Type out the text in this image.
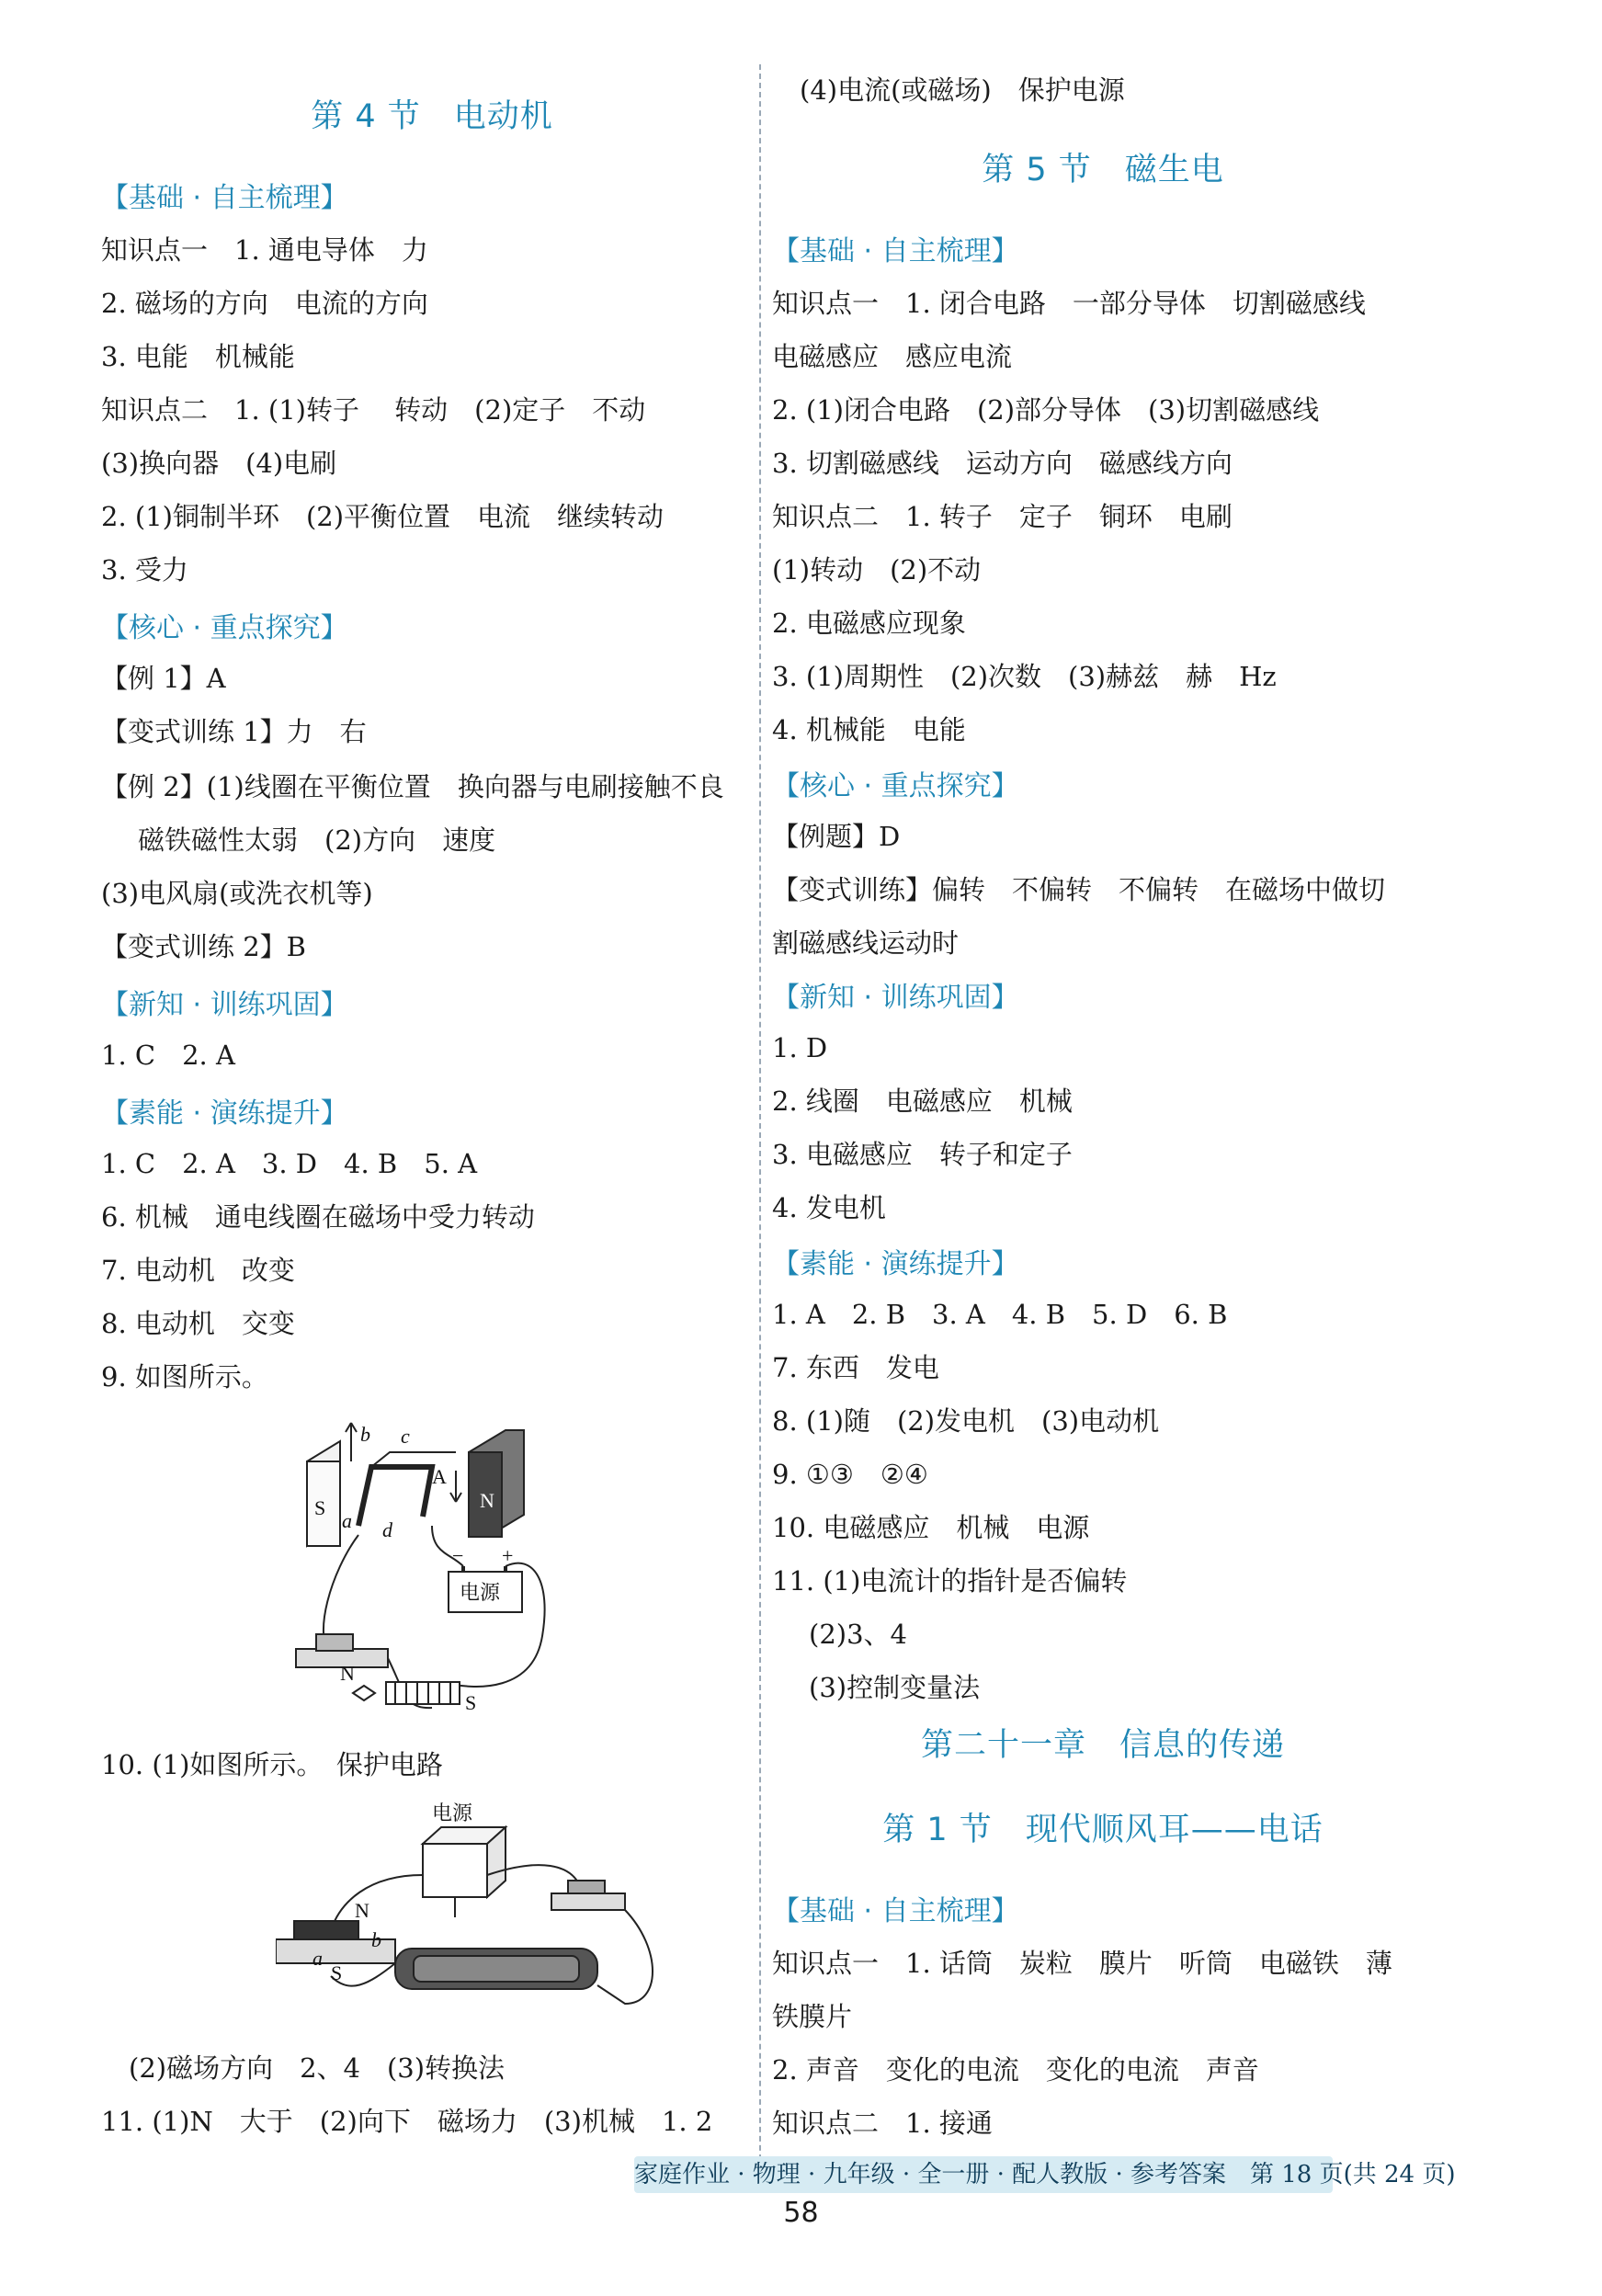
第 4 节　电动机
【基础 · 自主梳理】
知识点一　1. 通电导体　力
2. 磁场的方向　电流的方向
3. 电能　机械能
知识点二　1. (1)转子　 转动　(2)定子　不动
(3)换向器　(4)电刷
2. (1)铜制半环　(2)平衡位置　电流　继续转动
3. 受力
【核心 · 重点探究】
【例 1】A
【变式训练 1】力　右
【例 2】(1)线圈在平衡位置　换向器与电刷接触不良
磁铁磁性太弱　(2)方向　速度
(3)电风扇(或洗衣机等)
【变式训练 2】B
【新知 · 训练巩固】
1. C　2. A
【素能 · 演练提升】
1. C　2. A　3. D　4. B　5. A
6. 机械　通电线圈在磁场中受力转动
7. 电动机　改变
8. 电动机　交变
9. 如图所示。
S	N
b c
a d
A
− +
电源
N
S
10. (1)如图所示。　保护电路
电源
N
S
b
a
(2)磁场方向　2、4　(3)转换法
11. (1)N　大于　(2)向下　磁场力　(3)机械　1. 2
(4)电流(或磁场)　保护电源
第 5 节　磁生电
【基础 · 自主梳理】
知识点一　1. 闭合电路　一部分导体　切割磁感线
电磁感应　感应电流
2. (1)闭合电路　(2)部分导体　(3)切割磁感线
3. 切割磁感线　运动方向　磁感线方向
知识点二　1. 转子　定子　铜环　电刷
(1)转动　(2)不动
2. 电磁感应现象
3. (1)周期性　(2)次数　(3)赫兹　赫　Hz
4. 机械能　电能
【核心 · 重点探究】
【例题】D
【变式训练】偏转　不偏转　不偏转　在磁场中做切
割磁感线运动时
【新知 · 训练巩固】
1. D
2. 线圈　电磁感应　机械
3. 电磁感应　转子和定子
4. 发电机
【素能 · 演练提升】
1. A　2. B　3. A　4. B　5. D　6. B
7. 东西　发电
8. (1)随　(2)发电机　(3)电动机
9. ①③　②④
10. 电磁感应　机械　电源
11. (1)电流计的指针是否偏转
(2)3、4
(3)控制变量法
第二十一章　信息的传递
第 1 节　现代顺风耳——电话
【基础 · 自主梳理】
知识点一　1. 话筒　炭粒　膜片　听筒　电磁铁　薄
铁膜片
2. 声音　变化的电流　变化的电流　声音
知识点二　1. 接通
家庭作业 · 物理 · 九年级 · 全一册 · 配人教版 · 参考答案　第 18 页(共 24 页)
58
